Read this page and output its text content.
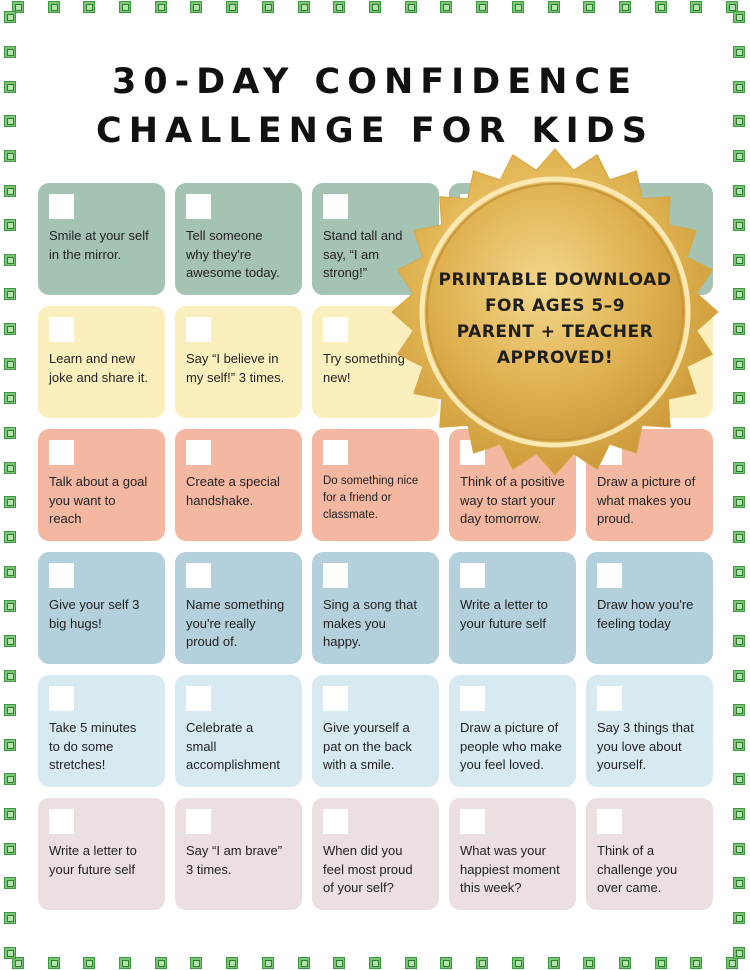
30-DAY CONFIDENCE
CHALLENGE FOR KIDS
Smile at your self
in the mirror.
Tell someone
why they're
awesome today.
Stand tall and
say, “I am
strong!”
Learn and new
joke and share it.
Say “I believe in
my self!” 3 times.
Try something
new!
Talk about a goal
you want to
reach
Create a special
handshake.
Do something nice
for a friend or
classmate.
Think of a positive
way to start your
day tomorrow.
Draw a picture of
what makes you
proud.
Give your self 3
big hugs!
Name something
you're really
proud of.
Sing a song that
makes you
happy.
Write a letter to
your future self
Draw how you're
feeling today
Take 5 minutes
to do some
stretches!
Celebrate a
small
accomplishment
Give yourself a
pat on the back
with a smile.
Draw a picture of
people who make
you feel loved.
Say 3 things that
you love about
yourself.
Write a letter to
your future self
Say “I am brave”
3 times.
When did you
feel most proud
of your self?
What was your
happiest moment
this week?
Think of a
challenge you
over came.
PRINTABLE DOWNLOAD
FOR AGES 5–9
PARENT + TEACHER
APPROVED!
